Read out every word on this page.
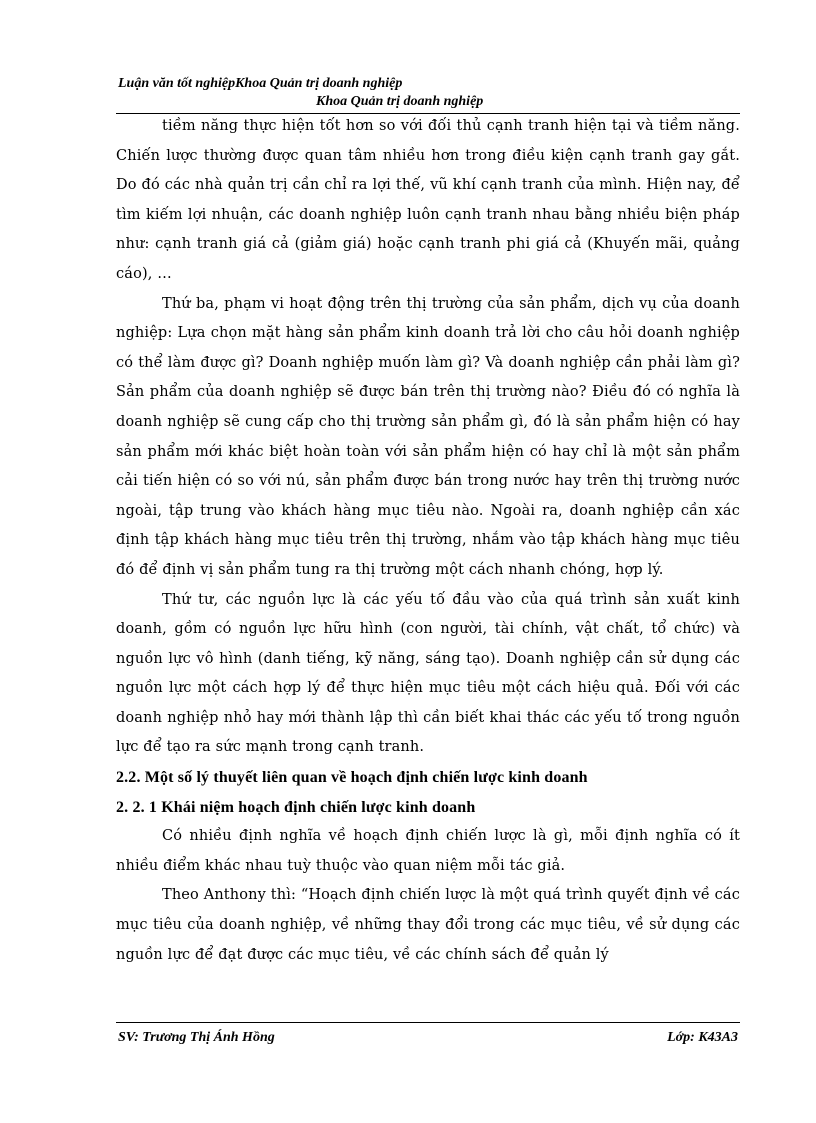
Luận văn tốt nghiệpKhoa Quản trị doanh nghiệp
Khoa Quản trị doanh nghiệp

tiềm năng thực hiện tốt hơn so với đối thủ cạnh tranh hiện tại và tiềm năng. Chiến lược thường được quan tâm nhiều hơn trong điều kiện cạnh tranh gay gắt. Do đó các nhà quản trị cần chỉ ra lợi thế, vũ khí cạnh tranh của mình. Hiện nay, để tìm kiếm lợi nhuận, các doanh nghiệp luôn cạnh tranh nhau bằng nhiều biện pháp như: cạnh tranh giá cả (giảm giá) hoặc cạnh tranh phi giá cả (Khuyến mãi, quảng cáo), …

Thứ ba, phạm vi hoạt động trên thị trường của sản phẩm, dịch vụ của doanh nghiệp: Lựa chọn mặt hàng sản phẩm kinh doanh trả lời cho câu hỏi doanh nghiệp có thể làm được gì? Doanh nghiệp muốn làm gì? Và doanh nghiệp cần phải làm gì? Sản phẩm của doanh nghiệp sẽ được bán trên thị trường nào? Điều đó có nghĩa là doanh nghiệp sẽ cung cấp cho thị trường sản phẩm gì, đó là sản phẩm hiện có hay sản phẩm mới khác biệt hoàn toàn với sản phẩm hiện có hay chỉ là một sản phẩm cải tiến hiện có so với nú, sản phẩm được bán trong nước hay trên thị trường nước ngoài, tập trung vào khách hàng mục tiêu nào. Ngoài ra, doanh nghiệp cần xác định tập khách hàng mục tiêu trên thị trường, nhắm vào tập khách hàng mục tiêu đó để định vị sản phẩm tung ra thị trường một cách nhanh chóng, hợp lý.

Thứ tư, các nguồn lực là các yếu tố đầu vào của quá trình sản xuất kinh doanh, gồm có nguồn lực hữu hình (con người, tài chính, vật chất, tổ chức) và nguồn lực vô hình (danh tiếng, kỹ năng, sáng tạo). Doanh nghiệp cần sử dụng các nguồn lực một cách hợp lý để thực hiện mục tiêu một cách hiệu quả. Đối với các doanh nghiệp nhỏ hay mới thành lập thì cần biết khai thác các yếu tố trong nguồn lực để tạo ra sức mạnh trong cạnh tranh.

2.2. Một số lý thuyết liên quan về hoạch định chiến lược kinh doanh

2. 2. 1 Khái niệm hoạch định chiến lược kinh doanh

Có nhiều định nghĩa về hoạch định chiến lược là gì, mỗi định nghĩa có ít nhiều điểm khác nhau tuỳ thuộc vào quan niệm mỗi tác giả.

Theo Anthony thì: “Hoạch định chiến lược là một quá trình quyết định về các mục tiêu của doanh nghiệp, về những thay đổi trong các mục tiêu, về sử dụng các nguồn lực để đạt được các mục tiêu, về các chính sách để quản lý

SV: Trương Thị Ánh Hồng	Lớp: K43A3
